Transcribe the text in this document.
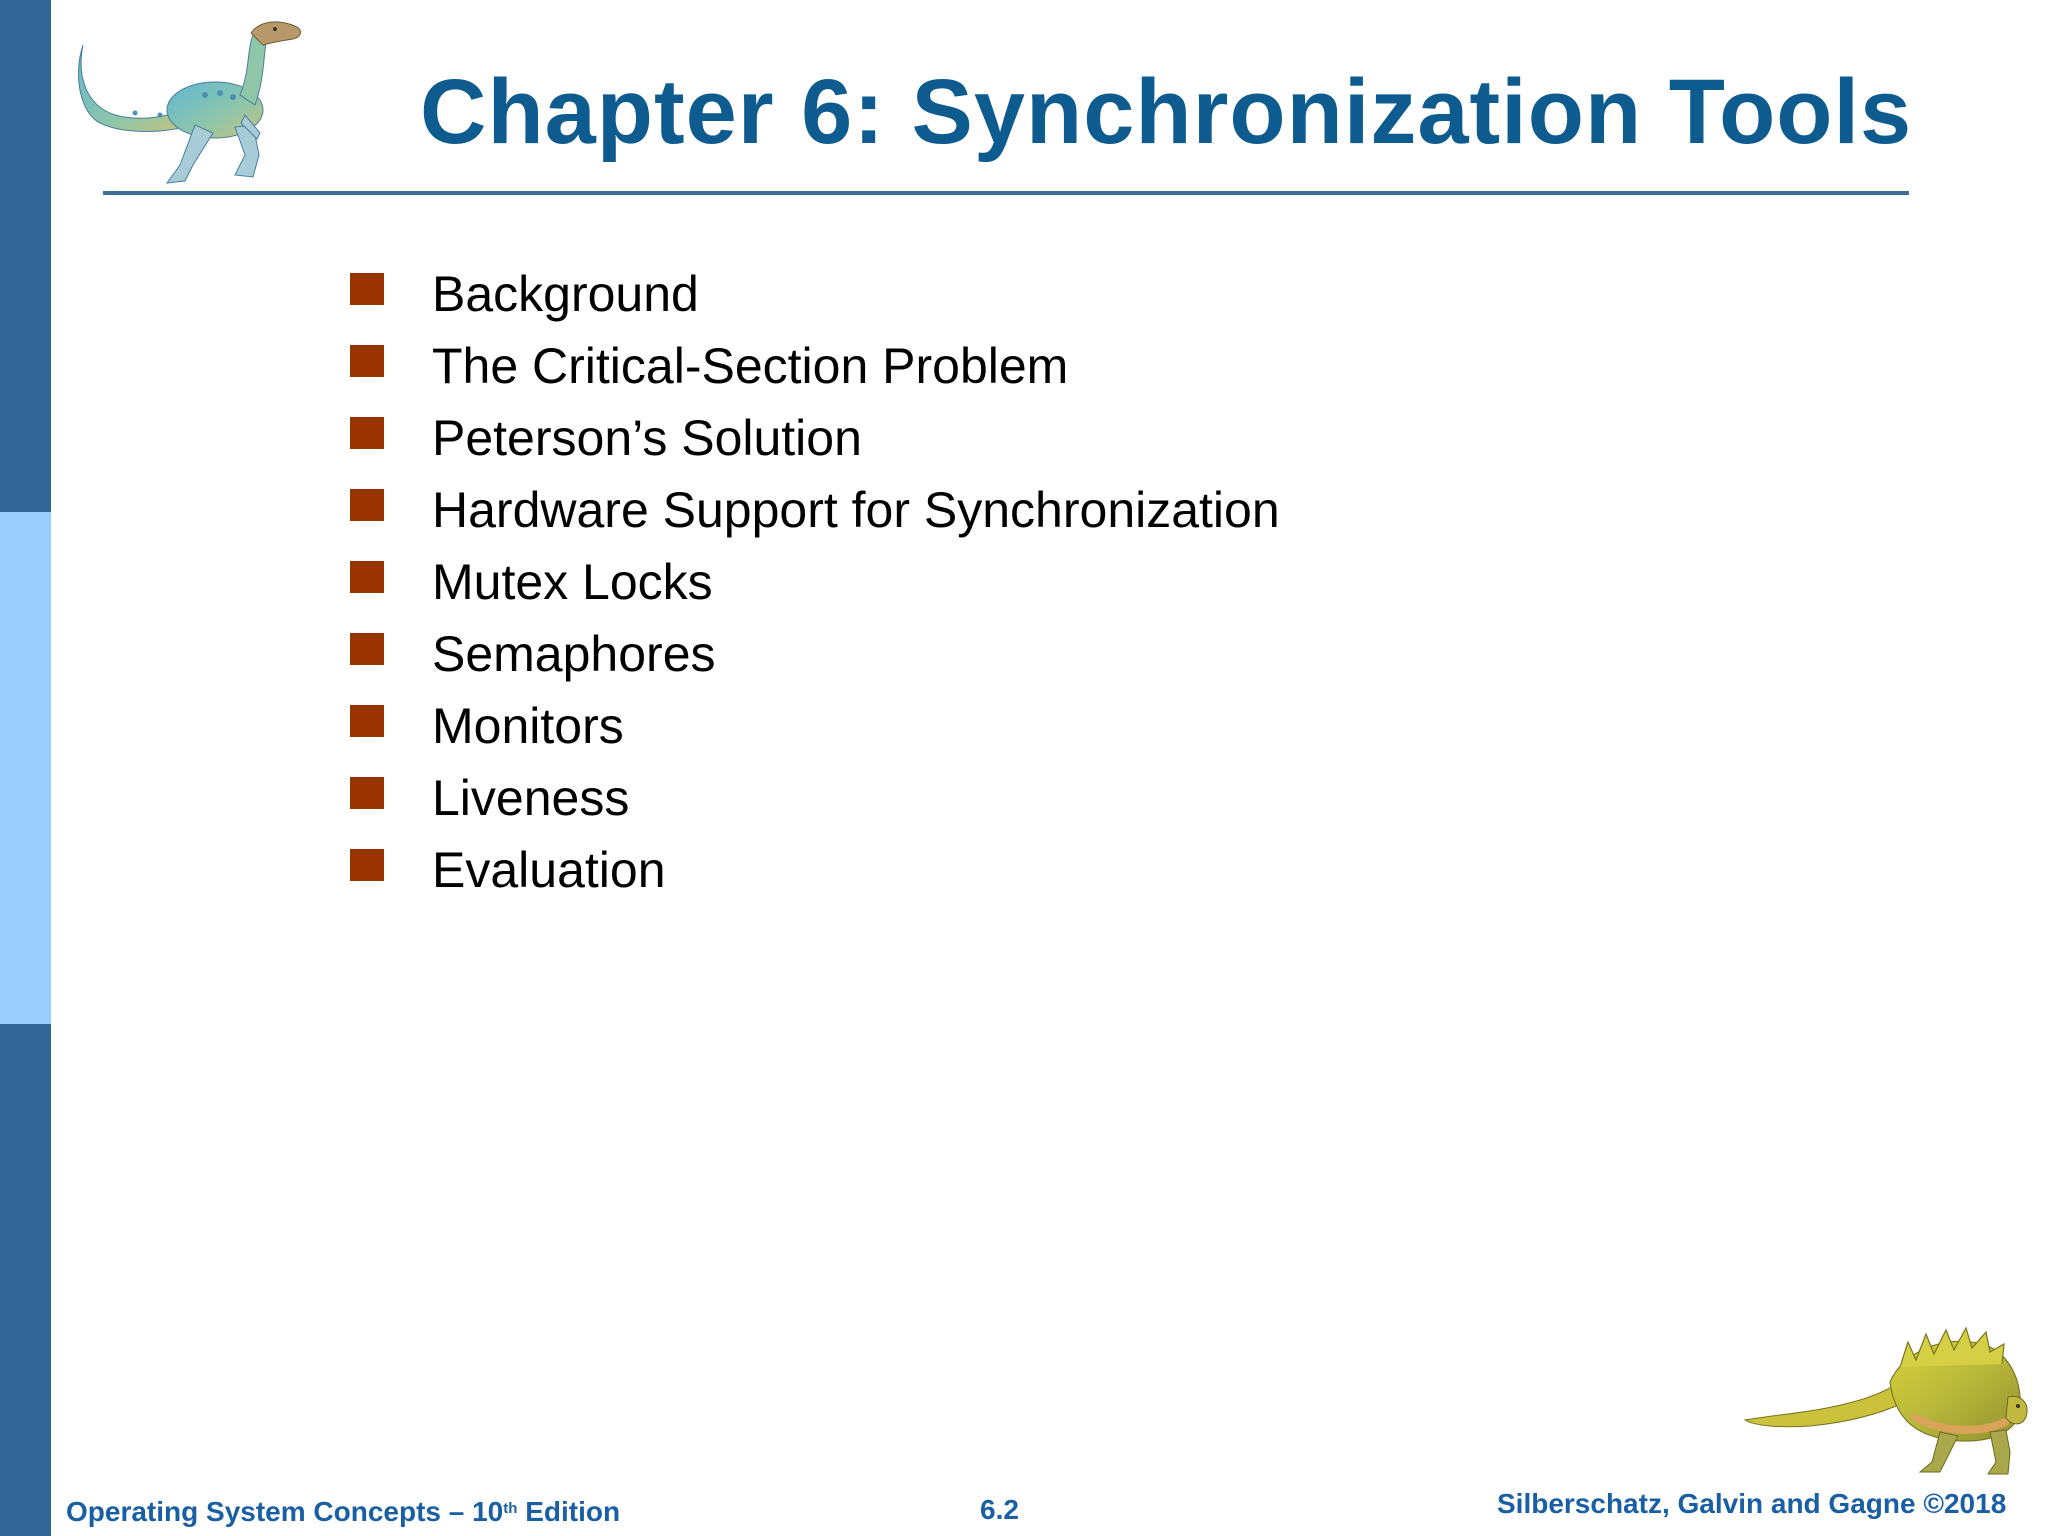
Chapter 6: Synchronization Tools
Background
The Critical-Section Problem
Peterson’s Solution
Hardware Support for Synchronization
Mutex Locks
Semaphores
Monitors
Liveness
Evaluation
Operating System Concepts – 10th Edition	6.2	Silberschatz, Galvin and Gagne ©2018
